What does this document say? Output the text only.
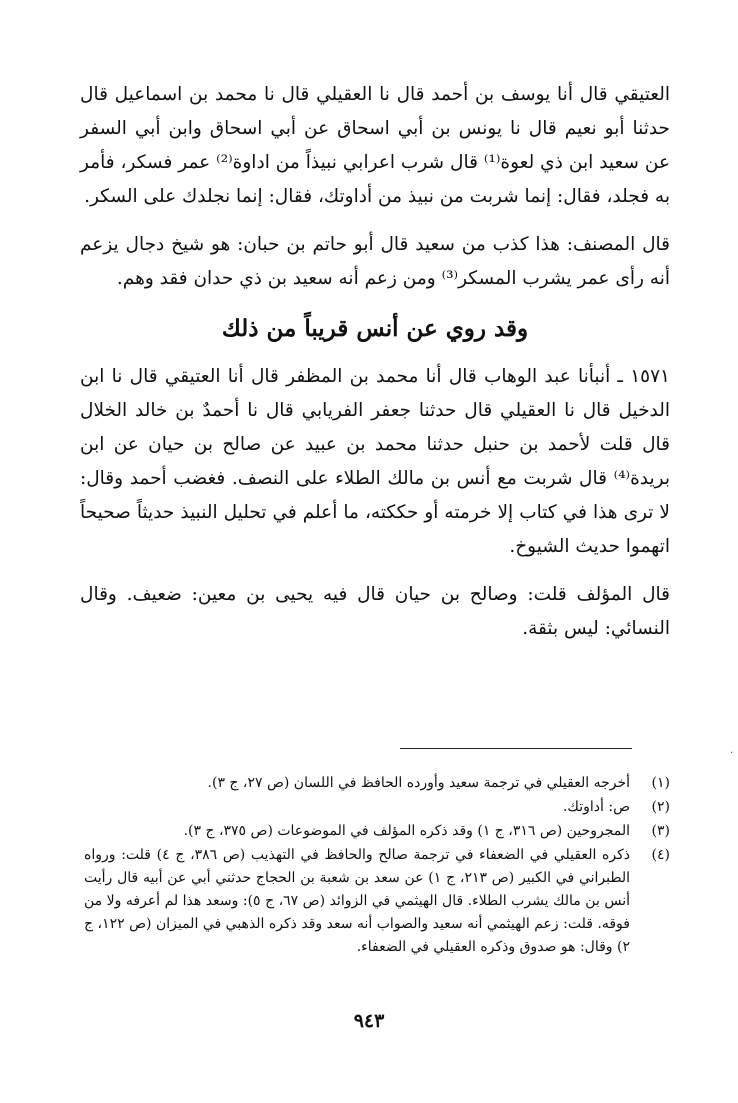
العتيقي قال أنا يوسف بن أحمد قال نا العقيلي قال نا محمد بن اسماعيل قال حدثنا أبو نعيم قال نا يونس بن أبي اسحاق عن أبي اسحاق وابن أبي السفر عن سعيد ابن ذي لعوة⁽¹⁾ قال شرب اعرابي نبيذاً من اداوة⁽²⁾ عمر فسكر، فأمر به فجلد، فقال: إنما شربت من نبيذ من أداوتك، فقال: إنما نجلدك على السكر.

قال المصنف: هذا كذب من سعيد قال أبو حاتم بن حبان: هو شيخ دجال يزعم أنه رأى عمر يشرب المسكر⁽³⁾ ومن زعم أنه سعيد بن ذي حدان فقد وهم.

وقد روي عن أنس قريباً من ذلك

١٥٧١ ـ أنبأنا عبد الوهاب قال أنا محمد بن المظفر قال أنا العتيقي قال نا ابن الدخيل قال نا العقيلي قال حدثنا جعفر الفريابي قال نا أحمدٌ بن خالد الخلال قال قلت لأحمد بن حنبل حدثنا محمد بن عبيد عن صالح بن حيان عن ابن بريدة⁽⁴⁾ قال شربت مع أنس بن مالك الطلاء على النصف. فغضب أحمد وقال: لا ترى هذا في كتاب إلا خرمته أو حككته، ما أعلم في تحليل النبيذ حديثاً صحيحاً اتهموا حديث الشيوخ.

قال المؤلف قلت: وصالح بن حيان قال فيه يحيى بن معين: ضعيف. وقال النسائي: ليس بثقة.

·
(١)
أخرجه العقيلي في ترجمة سعيد وأورده الحافظ في اللسان (ص ٢٧، ج ٣).
(٢)
ص: أداوتك.
(٣)
المجروحين (ص ٣١٦، ج ١) وقد ذكره المؤلف في الموضوعات (ص ٣٧٥، ج ٣).
(٤)
ذكره العقيلي في الضعفاء في ترجمة صالح والحافظ في التهذيب (ص ٣٨٦، ج ٤) قلت: ورواه الطبراني في الكبير (ص ٢١٣، ج ١) عن سعد بن شعبة بن الحجاج حدثني أبي عن أبيه قال رأيت أنس بن مالك يشرب الطلاء. قال الهيثمي في الزوائد (ص ٦٧، ج ٥): وسعد هذا لم أعرفه ولا من فوقه. قلت: زعم الهيثمي أنه سعيد والصواب أنه سعد وقد ذكره الذهبي في الميزان (ص ١٢٢، ج ٢) وقال: هو صدوق وذكره العقيلي في الضعفاء.
٩٤٣
